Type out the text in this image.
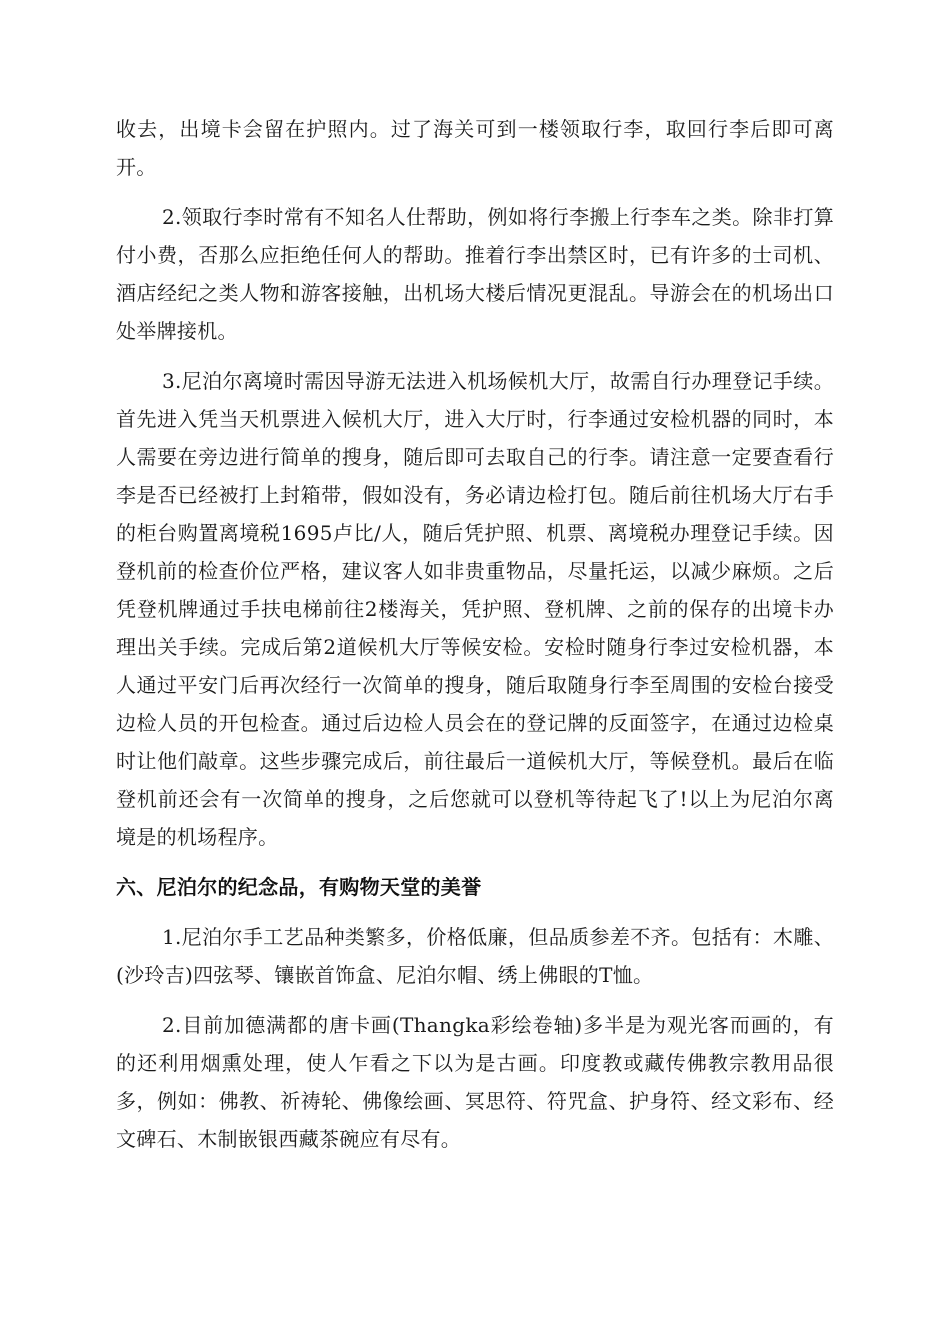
收去，出境卡会留在护照内。过了海关可到一楼领取行李，取回行李后即可离开。

2.领取行李时常有不知名人仕帮助，例如将行李搬上行李车之类。除非打算付小费，否那么应拒绝任何人的帮助。推着行李出禁区时，已有许多的士司机、酒店经纪之类人物和游客接触，出机场大楼后情况更混乱。导游会在的机场出口处举牌接机。

3.尼泊尔离境时需因导游无法进入机场候机大厅，故需自行办理登记手续。首先进入凭当天机票进入候机大厅，进入大厅时，行李通过安检机器的同时，本人需要在旁边进行简单的搜身，随后即可去取自己的行李。请注意一定要查看行李是否已经被打上封箱带，假如没有，务必请边检打包。随后前往机场大厅右手的柜台购置离境税1695卢比/人，随后凭护照、机票、离境税办理登记手续。因登机前的检查价位严格，建议客人如非贵重物品，尽量托运，以减少麻烦。之后凭登机牌通过手扶电梯前往2楼海关，凭护照、登机牌、之前的保存的出境卡办理出关手续。完成后第2道候机大厅等候安检。安检时随身行李过安检机器，本人通过平安门后再次经行一次简单的搜身，随后取随身行李至周围的安检台接受边检人员的开包检查。通过后边检人员会在的登记牌的反面签字，在通过边检桌时让他们敲章。这些步骤完成后，前往最后一道候机大厅，等候登机。最后在临登机前还会有一次简单的搜身，之后您就可以登机等待起飞了!以上为尼泊尔离境是的机场程序。

六、尼泊尔的纪念品，有购物天堂的美誉

1.尼泊尔手工艺品种类繁多，价格低廉，但品质参差不齐。包括有：木雕、(沙玲吉)四弦琴、镶嵌首饰盒、尼泊尔帽、绣上佛眼的T恤。

2.目前加德满都的唐卡画(Thangka彩绘卷轴)多半是为观光客而画的，有的还利用烟熏处理，使人乍看之下以为是古画。印度教或藏传佛教宗教用品很多，例如：佛教、祈祷轮、佛像绘画、冥思符、符咒盒、护身符、经文彩布、经文碑石、木制嵌银西藏茶碗应有尽有。
